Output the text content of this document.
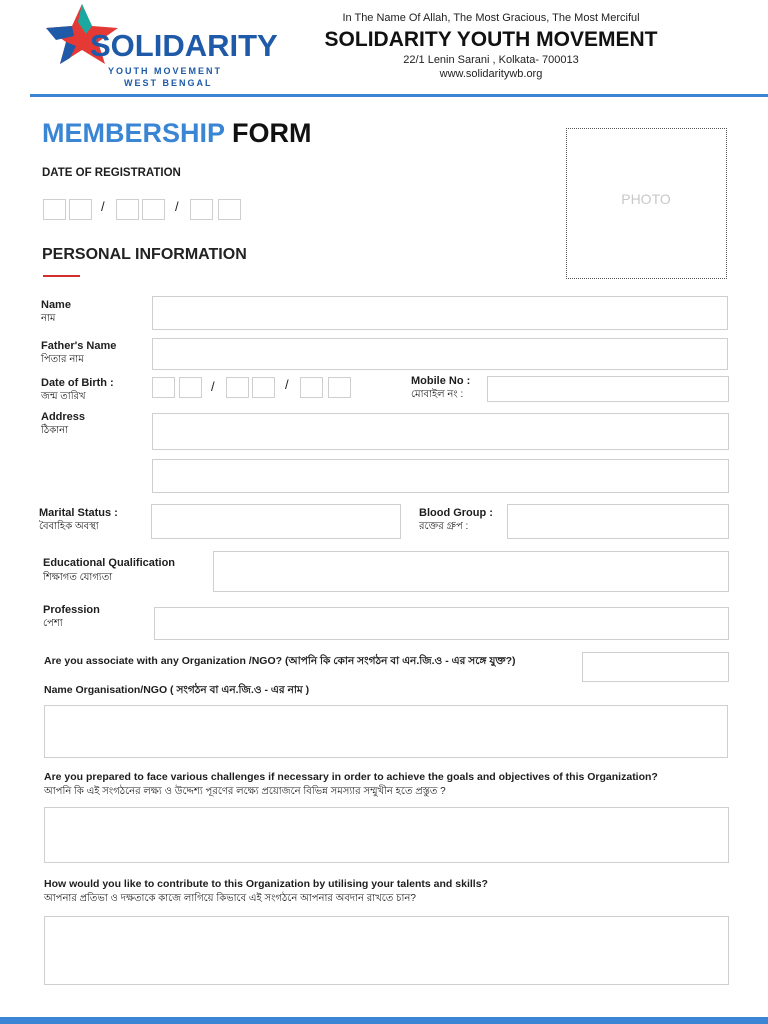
SOLIDARITY
YOUTH MOVEMENT
WEST BENGAL
In The Name Of Allah, The Most Gracious, The Most Merciful
SOLIDARITY YOUTH MOVEMENT
22/1 Lenin Sarani , Kolkata- 700013
www.solidaritywb.org
MEMBERSHIP FORM
DATE OF REGISTRATION
/	/	PHOTO
PERSONAL INFORMATION
Name
নাম
Father's Name
পিতার নাম
Date of Birth :
জন্ম তারিখ
/	/	Mobile No :
মোবাইল নং :
Address
ঠিকানা
Marital Status :
বৈবাহিক অবস্থা
Blood Group :
রক্তের গ্রুপ :
Educational Qualification
শিক্ষাগত যোগ্যতা
Profession
পেশা
Are you associate with any Organization /NGO? (আপনি কি কোন সংগঠন বা এন.জি.ও - এর সঙ্গে যুক্ত?)
Name Organisation/NGO ( সংগঠন বা এন.জি.ও - এর নাম )
Are you prepared to face various challenges if necessary in order to achieve the goals and objectives of this Organization?
আপনি কি এই সংগঠনের লক্ষ্য ও উদ্দেশ্য পূরণের লক্ষ্যে প্রয়োজনে বিভিন্ন সমস্যার সম্মুখীন হতে প্রস্তুত ?
How would you like to contribute to this Organization by utilising your talents and skills?
আপনার প্রতিভা ও দক্ষতাকে কাজে লাগিয়ে কিভাবে এই সংগঠনে আপনার অবদান রাখতে চান?
